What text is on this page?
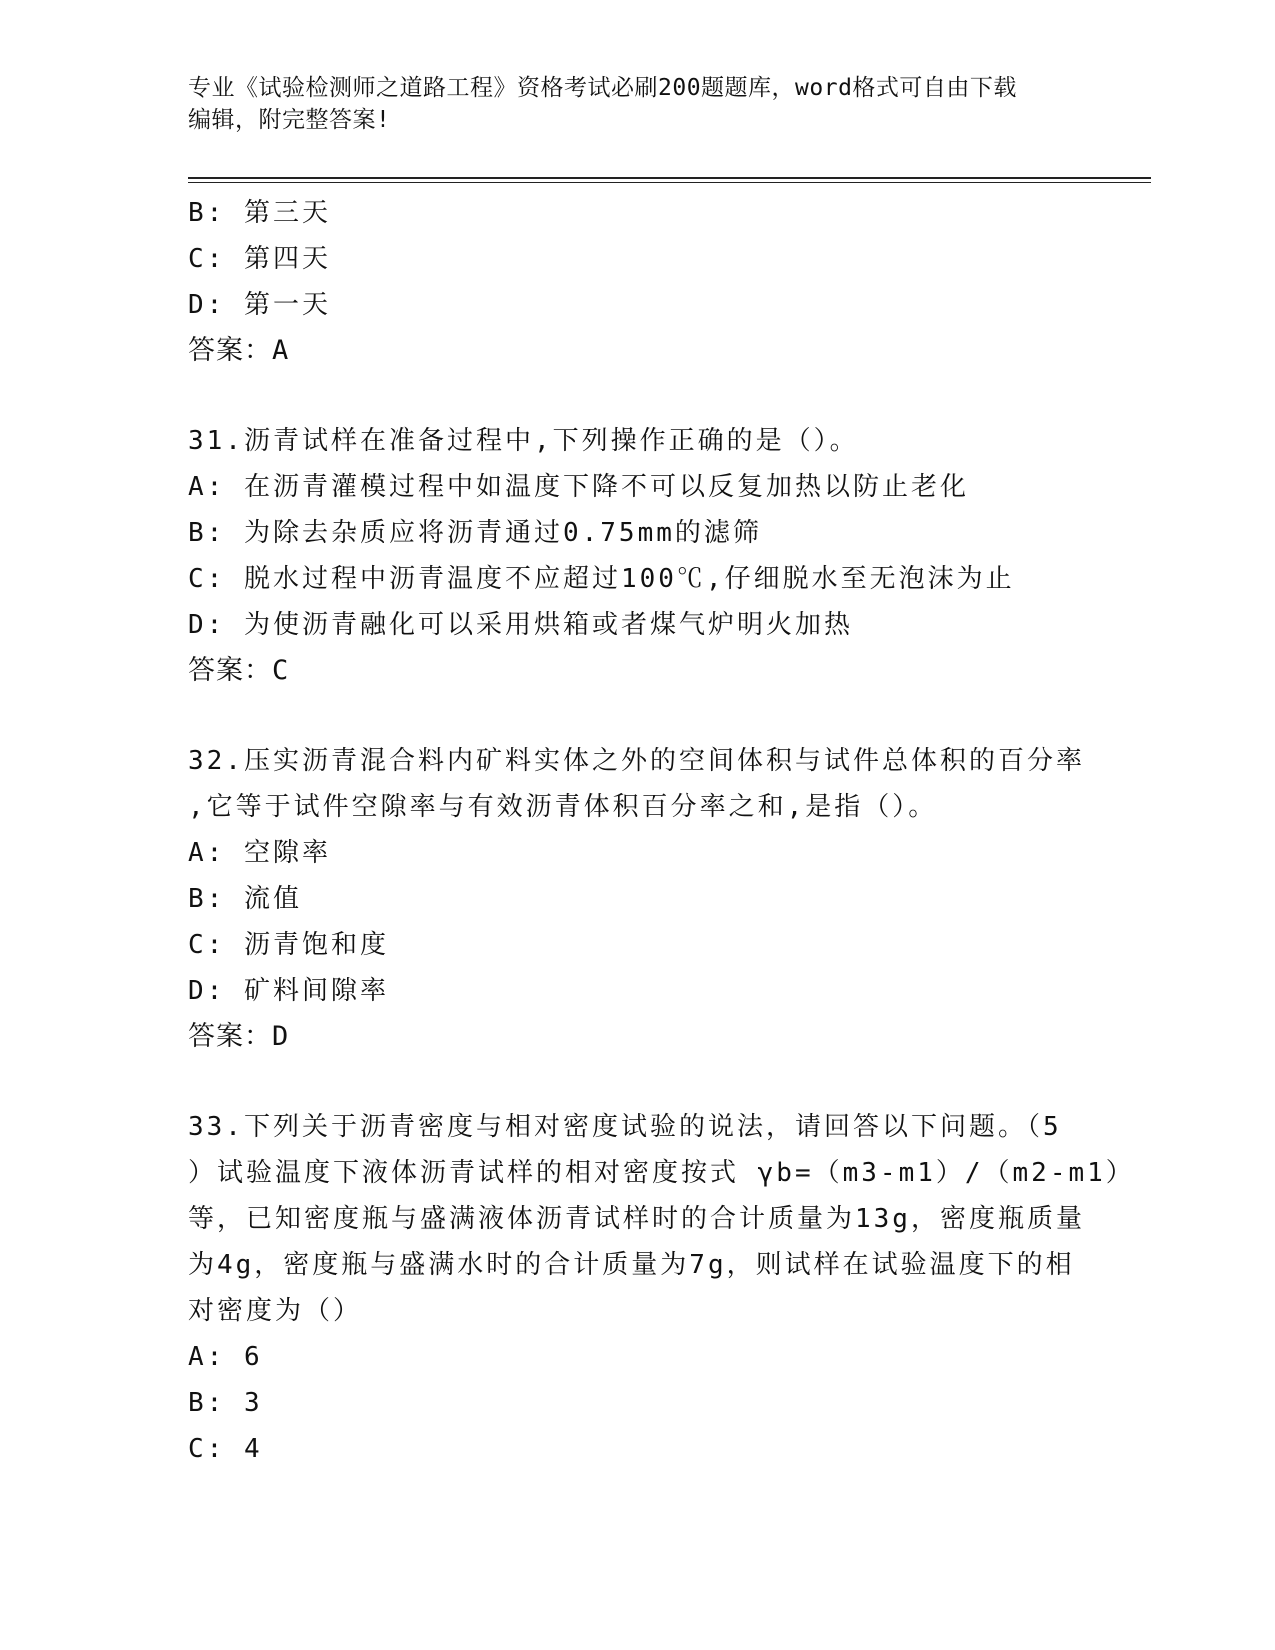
专业《试验检测师之道路工程》资格考试必刷200题题库，word格式可自由下载
编辑，附完整答案!
B: 第三天
C: 第四天
D: 第一天
答案：A
31.沥青试样在准备过程中,下列操作正确的是（）。
A: 在沥青灌模过程中如温度下降不可以反复加热以防止老化
B: 为除去杂质应将沥青通过0.75mm的滤筛
C: 脱水过程中沥青温度不应超过100℃,仔细脱水至无泡沫为止
D: 为使沥青融化可以采用烘箱或者煤气炉明火加热
答案：C
32.压实沥青混合料内矿料实体之外的空间体积与试件总体积的百分率
,它等于试件空隙率与有效沥青体积百分率之和,是指（）。
A: 空隙率
B: 流值
C: 沥青饱和度
D: 矿料间隙率
答案：D
33.下列关于沥青密度与相对密度试验的说法，请回答以下问题。（5
）试验温度下液体沥青试样的相对密度按式 γb=（m3-m1）/（m2-m1）
等，已知密度瓶与盛满液体沥青试样时的合计质量为13g，密度瓶质量
为4g，密度瓶与盛满水时的合计质量为7g，则试样在试验温度下的相
对密度为（）
A: 6
B: 3
C: 4
